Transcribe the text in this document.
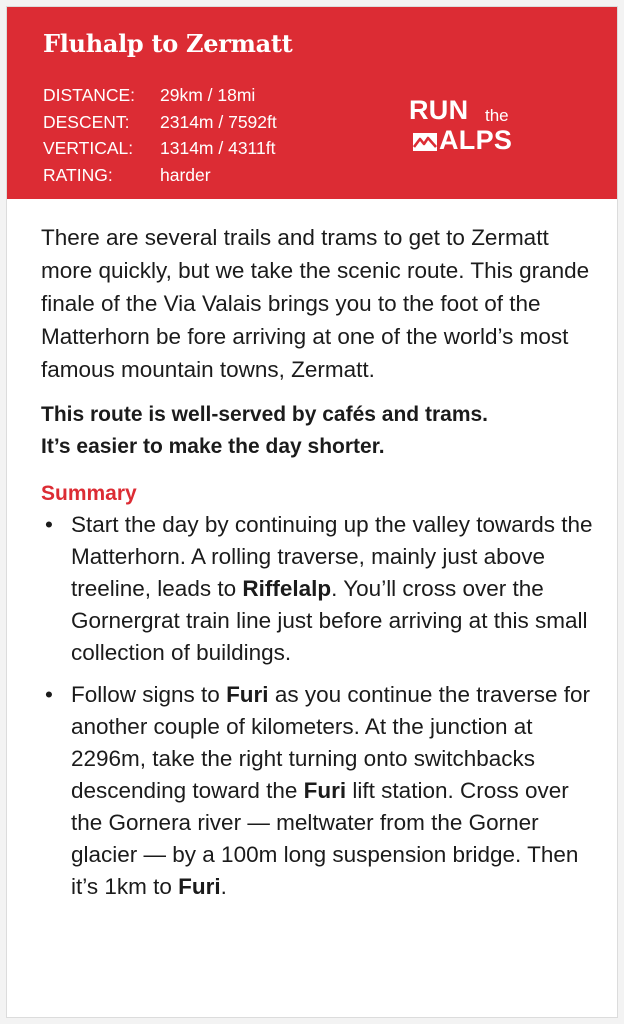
Fluhalp to Zermatt
DISTANCE:	29km / 18mi
DESCENT:	2314m / 7592ft
VERTICAL:	1314m / 4311ft
RATING:	harder
RUN the
ALPS

There are several trails and trams to get to Zermatt more quickly, but we take the scenic route. This grande finale of the Via Valais brings you to the foot of the Matterhorn be fore arriving at one of the world’s most famous mountain towns, Zermatt.

This route is well-served by cafés and trams.
It’s easier to make the day shorter.

Summary
• Start the day by continuing up the valley towards the Matterhorn. A rolling traverse, mainly just above treeline, leads to Riffelalp. You’ll cross over the Gornergrat train line just before arriving at this small collection of buildings.
• Follow signs to Furi as you continue the traverse for another couple of kilometers. At the junction at 2296m, take the right turning onto switchbacks descending toward the Furi lift station. Cross over the Gornera river — meltwater from the Gorner glacier — by a 100m long suspension bridge. Then it’s 1km to Furi.
